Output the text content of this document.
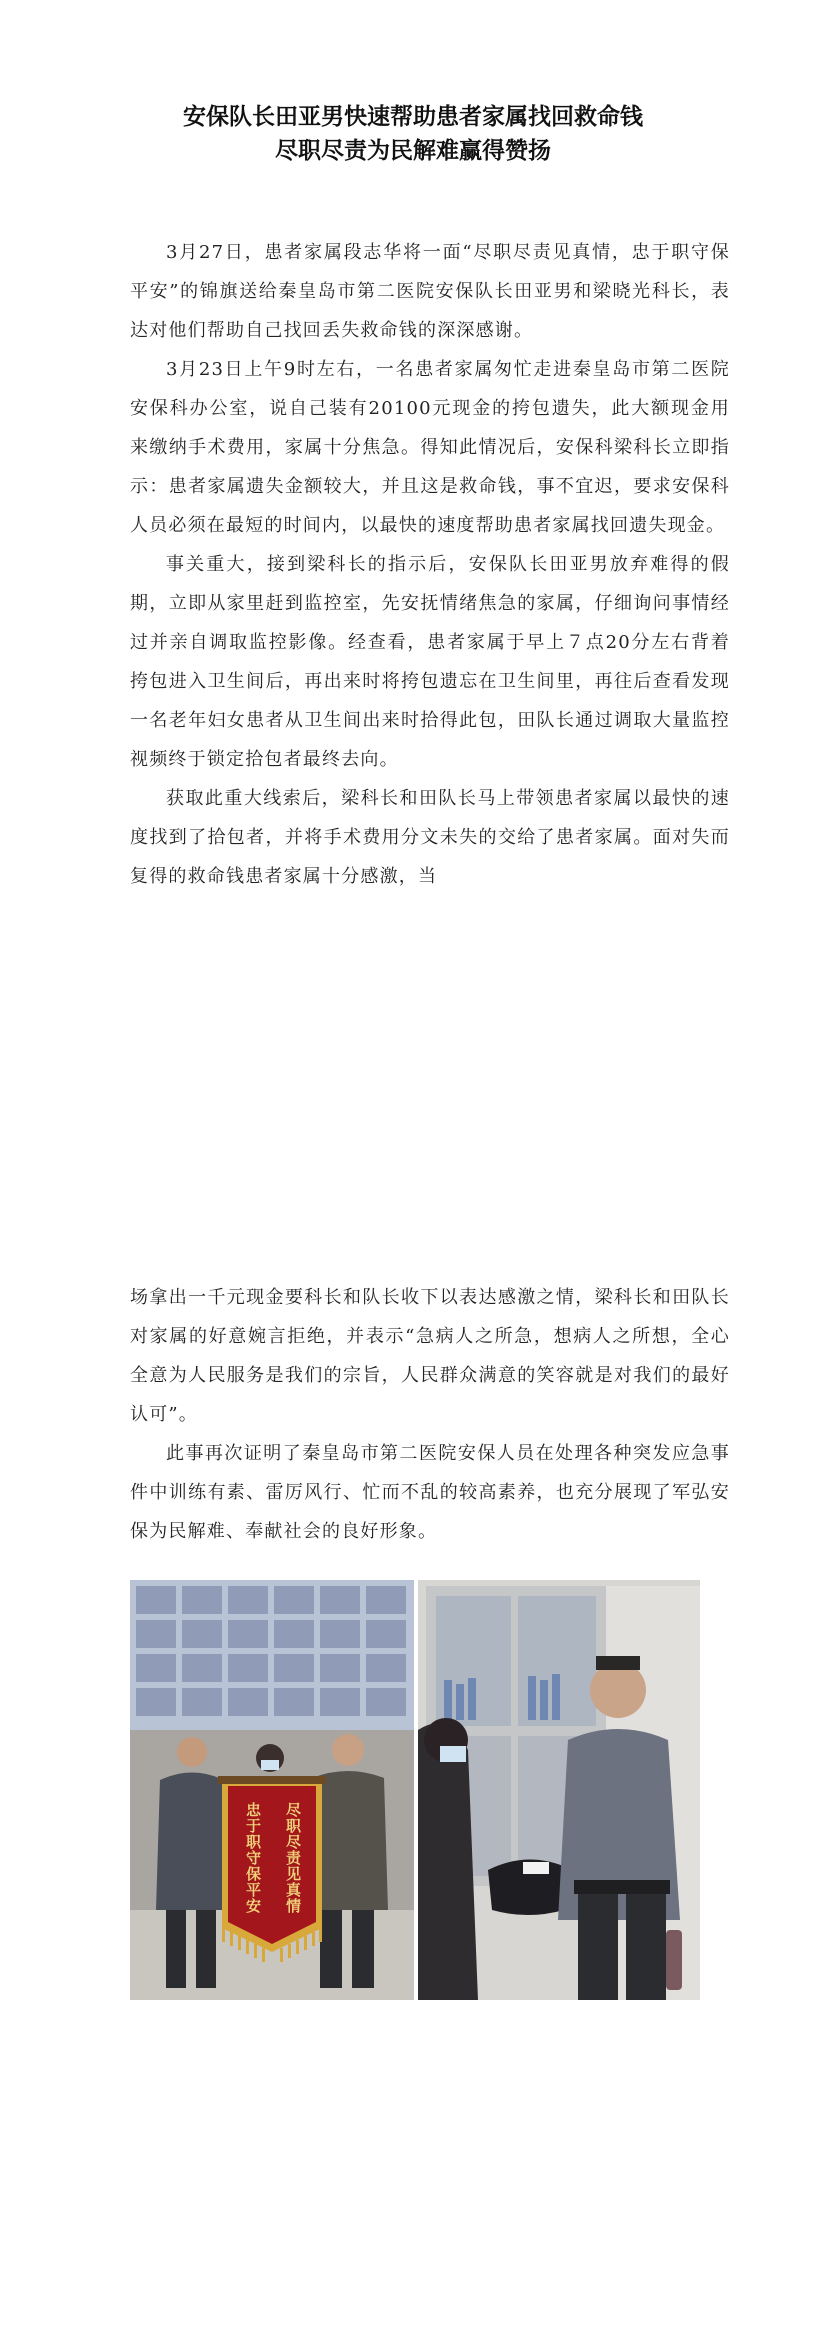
安保队长田亚男快速帮助患者家属找回救命钱
尽职尽责为民解难赢得赞扬

3月27日，患者家属段志华将一面“尽职尽责见真情，忠于职守保平安”的锦旗送给秦皇岛市第二医院安保队长田亚男和梁晓光科长，表达对他们帮助自己找回丢失救命钱的深深感谢。

3月23日上午9时左右，一名患者家属匆忙走进秦皇岛市第二医院安保科办公室，说自己装有20100元现金的挎包遗失，此大额现金用来缴纳手术费用，家属十分焦急。得知此情况后，安保科梁科长立即指示：患者家属遗失金额较大，并且这是救命钱，事不宜迟，要求安保科人员必须在最短的时间内，以最快的速度帮助患者家属找回遗失现金。

事关重大，接到梁科长的指示后，安保队长田亚男放弃难得的假期，立即从家里赶到监控室，先安抚情绪焦急的家属，仔细询问事情经过并亲自调取监控影像。经查看，患者家属于早上７点20分左右背着挎包进入卫生间后，再出来时将挎包遗忘在卫生间里，再往后查看发现一名老年妇女患者从卫生间出来时拾得此包，田队长通过调取大量监控视频终于锁定拾包者最终去向。

获取此重大线索后，梁科长和田队长马上带领患者家属以最快的速度找到了拾包者，并将手术费用分文未失的交给了患者家属。面对失而复得的救命钱患者家属十分感激，当

场拿出一千元现金要科长和队长收下以表达感激之情，梁科长和田队长对家属的好意婉言拒绝，并表示“急病人之所急，想病人之所想，全心全意为人民服务是我们的宗旨，人民群众满意的笑容就是对我们的最好认可”。

此事再次证明了秦皇岛市第二医院安保人员在处理各种突发应急事件中训练有素、雷厉风行、忙而不乱的较高素养，也充分展现了军弘安保为民解难、奉献社会的良好形象。

尽职尽责见真情
忠于职守保平安
